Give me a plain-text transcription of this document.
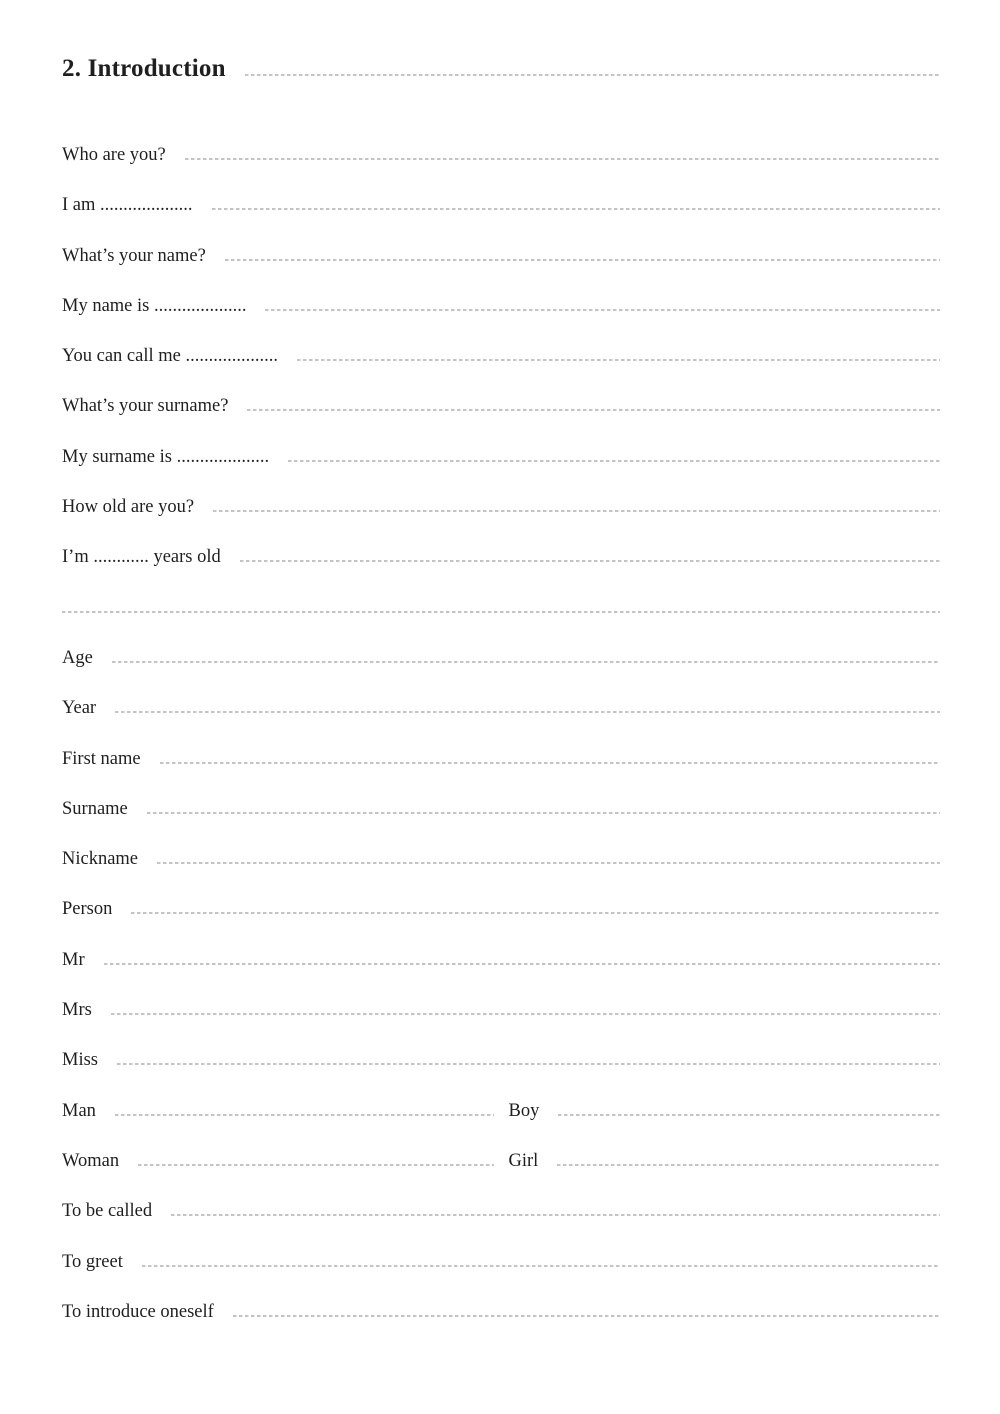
2. Introduction
Who are you?
I am ....................
What’s your name?
My name is ....................
You can call me ....................
What’s your surname?
My surname is ....................
How old are you?
I’m ............ years old
Age
Year
First name
Surname
Nickname
Person
Mr
Mrs
Miss
Man	Boy
Woman	Girl
To be called
To greet
To introduce oneself
